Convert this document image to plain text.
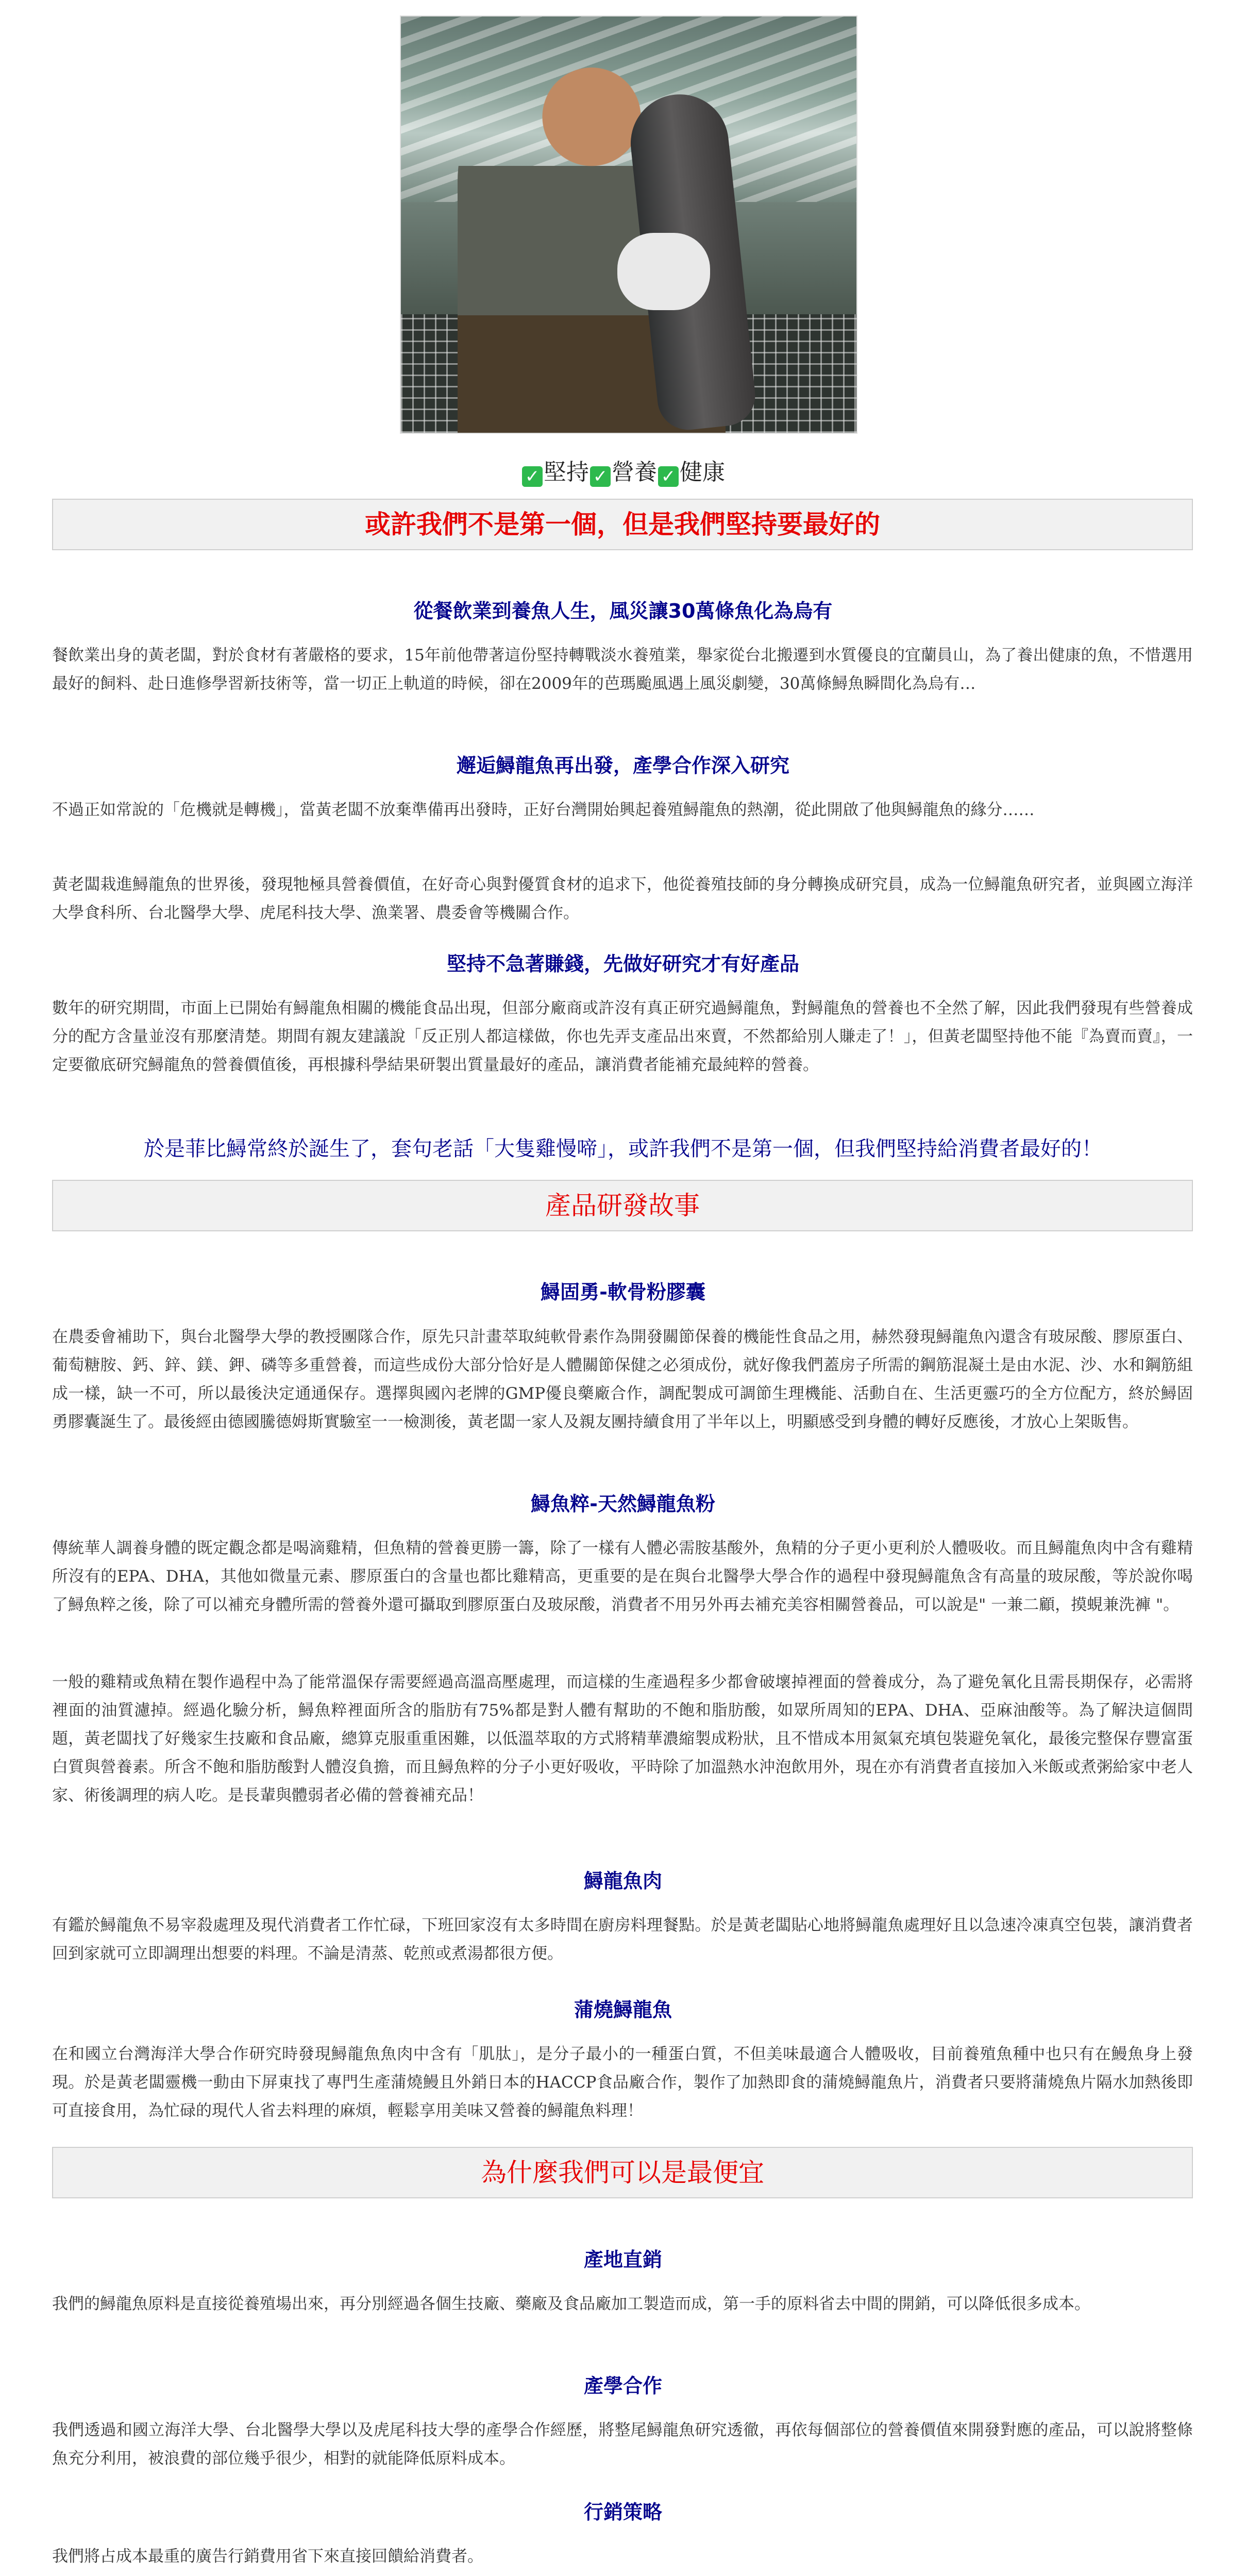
✓ 堅持 ✓ 營養 ✓ 健康
或許我們不是第一個，但是我們堅持要最好的
從餐飲業到養魚人生，風災讓30萬條魚化為烏有
餐飲業出身的黃老闆，對於食材有著嚴格的要求，15年前他帶著這份堅持轉戰淡水養殖業，舉家從台北搬遷到水質優良的宜蘭員山，為了養出健康的魚，不惜選用最好的飼料、赴日進修學習新技術等，當一切正上軌道的時候，卻在2009年的芭瑪颱風遇上風災劇變，30萬條鱘魚瞬間化為烏有…
邂逅鱘龍魚再出發，產學合作深入研究
不過正如常說的「危機就是轉機」，當黃老闆不放棄準備再出發時，正好台灣開始興起養殖鱘龍魚的熱潮，從此開啟了他與鱘龍魚的緣分……
黃老闆栽進鱘龍魚的世界後，發現牠極具營養價值，在好奇心與對優質食材的追求下，他從養殖技師的身分轉換成研究員，成為一位鱘龍魚研究者，並與國立海洋大學食科所、台北醫學大學、虎尾科技大學、漁業署、農委會等機關合作。
堅持不急著賺錢，先做好研究才有好產品
數年的研究期間，市面上已開始有鱘龍魚相關的機能食品出現，但部分廠商或許沒有真正研究過鱘龍魚，對鱘龍魚的營養也不全然了解，因此我們發現有些營養成分的配方含量並沒有那麼清楚。期間有親友建議說「反正別人都這樣做，你也先弄支產品出來賣，不然都給別人賺走了！」，但黃老闆堅持他不能『為賣而賣』，一定要徹底研究鱘龍魚的營養價值後，再根據科學結果研製出質量最好的產品，讓消費者能補充最純粹的營養。
於是菲比鱘常終於誕生了，套句老話「大隻雞慢啼」，或許我們不是第一個，但我們堅持給消費者最好的！
產品研發故事
鱘固勇-軟骨粉膠囊
在農委會補助下，與台北醫學大學的教授團隊合作，原先只計畫萃取純軟骨素作為開發關節保養的機能性食品之用，赫然發現鱘龍魚內還含有玻尿酸、膠原蛋白、葡萄糖胺、鈣、鋅、鎂、鉀、磷等多重營養，而這些成份大部分恰好是人體關節保健之必須成份，就好像我們蓋房子所需的鋼筋混凝土是由水泥、沙、水和鋼筋組成一樣，缺一不可，所以最後決定通通保存。選擇與國內老牌的GMP優良藥廠合作，調配製成可調節生理機能、活動自在、生活更靈巧的全方位配方，終於鱘固勇膠囊誕生了。最後經由德國騰德姆斯實驗室一一檢測後，黃老闆一家人及親友團持續食用了半年以上，明顯感受到身體的轉好反應後，才放心上架販售。
鱘魚粹-天然鱘龍魚粉
傳統華人調養身體的既定觀念都是喝滴雞精，但魚精的營養更勝一籌，除了一樣有人體必需胺基酸外，魚精的分子更小更利於人體吸收。而且鱘龍魚肉中含有雞精所沒有的EPA、DHA，其他如微量元素、膠原蛋白的含量也都比雞精高，更重要的是在與台北醫學大學合作的過程中發現鱘龍魚含有高量的玻尿酸，等於說你喝了鱘魚粹之後，除了可以補充身體所需的營養外還可攝取到膠原蛋白及玻尿酸，消費者不用另外再去補充美容相關營養品，可以說是" 一兼二顧，摸蜆兼洗褲 "。
一般的雞精或魚精在製作過程中為了能常溫保存需要經過高溫高壓處理，而這樣的生產過程多少都會破壞掉裡面的營養成分，為了避免氧化且需長期保存，必需將裡面的油質濾掉。經過化驗分析，鱘魚粹裡面所含的脂肪有75%都是對人體有幫助的不飽和脂肪酸，如眾所周知的EPA、DHA、亞麻油酸等。為了解決這個問題，黃老闆找了好幾家生技廠和食品廠，總算克服重重困難，以低溫萃取的方式將精華濃縮製成粉狀，且不惜成本用氮氣充填包裝避免氧化，最後完整保存豐富蛋白質與營養素。所含不飽和脂肪酸對人體沒負擔，而且鱘魚粹的分子小更好吸收，平時除了加溫熱水沖泡飲用外，現在亦有消費者直接加入米飯或煮粥給家中老人家、術後調理的病人吃。是長輩與體弱者必備的營養補充品！
鱘龍魚肉
有鑑於鱘龍魚不易宰殺處理及現代消費者工作忙碌，下班回家沒有太多時間在廚房料理餐點。於是黃老闆貼心地將鱘龍魚處理好且以急速冷凍真空包裝，讓消費者回到家就可立即調理出想要的料理。不論是清蒸、乾煎或煮湯都很方便。
蒲燒鱘龍魚
在和國立台灣海洋大學合作研究時發現鱘龍魚魚肉中含有「肌肽」，是分子最小的一種蛋白質，不但美味最適合人體吸收，目前養殖魚種中也只有在鰻魚身上發現。於是黃老闆靈機一動由下屏東找了專門生產蒲燒鰻且外銷日本的HACCP食品廠合作，製作了加熱即食的蒲燒鱘龍魚片，消費者只要將蒲燒魚片隔水加熱後即可直接食用，為忙碌的現代人省去料理的麻煩，輕鬆享用美味又營養的鱘龍魚料理！
為什麼我們可以是最便宜
產地直銷
我們的鱘龍魚原料是直接從養殖場出來，再分別經過各個生技廠、藥廠及食品廠加工製造而成，第一手的原料省去中間的開銷，可以降低很多成本。
產學合作
我們透過和國立海洋大學、台北醫學大學以及虎尾科技大學的產學合作經歷，將整尾鱘龍魚研究透徹，再依每個部位的營養價值來開發對應的產品，可以說將整條魚充分利用，被浪費的部位幾乎很少，相對的就能降低原料成本。
行銷策略
我們將占成本最重的廣告行銷費用省下來直接回饋給消費者。
